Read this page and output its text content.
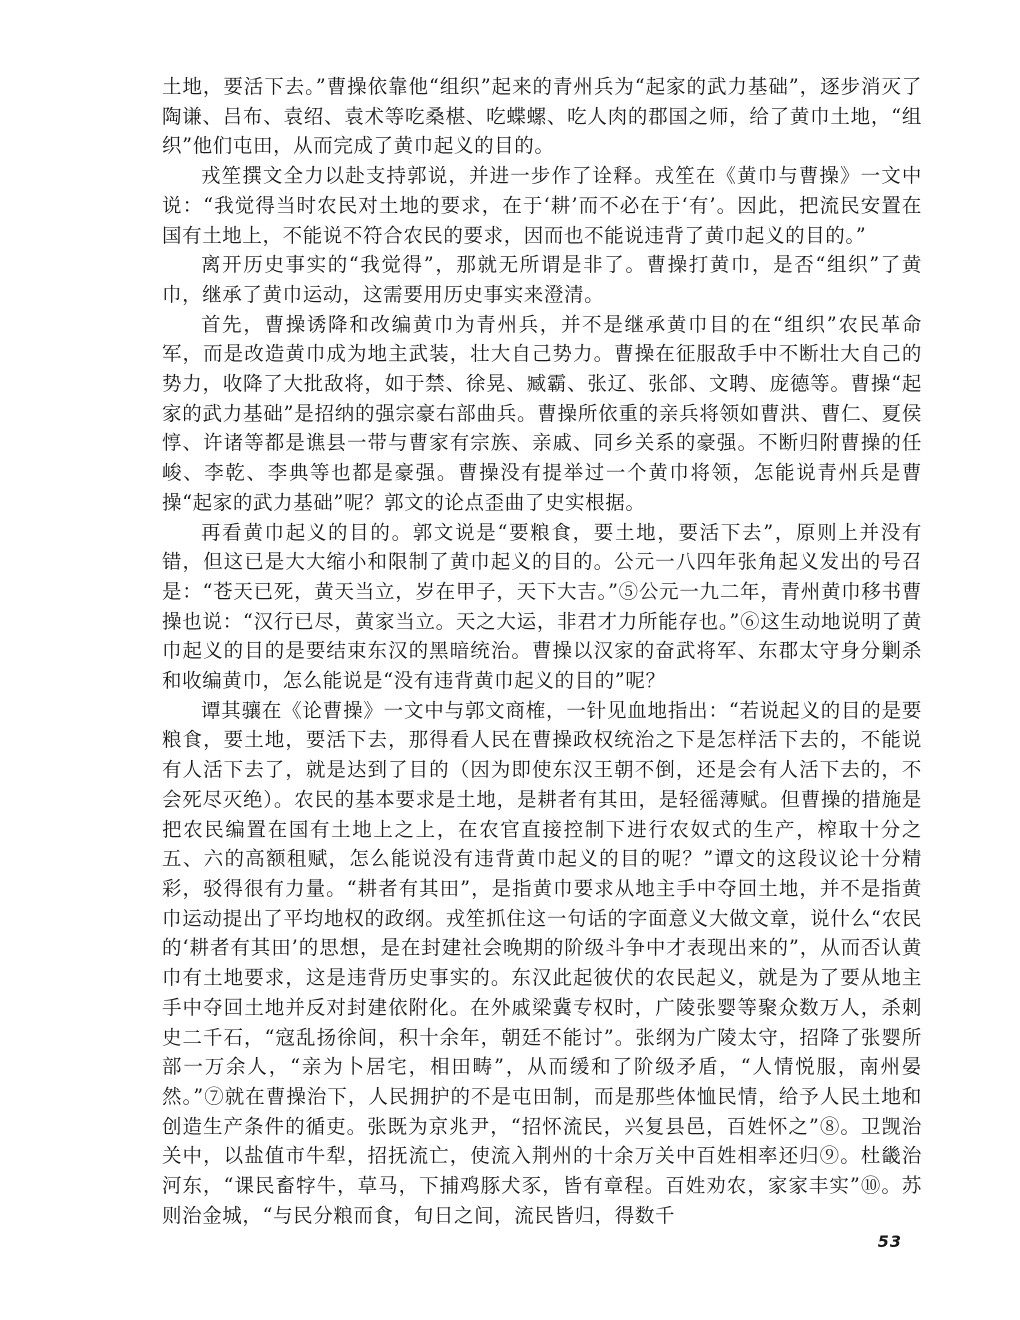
土地，要活下去。”曹操依靠他“组织”起来的青州兵为“起家的武力基础”，逐步消灭了陶谦、吕布、袁绍、袁术等吃桑椹、吃蝶螺、吃人肉的郡国之师，给了黄巾土地，“组织”他们屯田，从而完成了黄巾起义的目的。

戎笙撰文全力以赴支持郭说，并进一步作了诠释。戎笙在《黄巾与曹操》一文中说：“我觉得当时农民对土地的要求，在于‘耕’而不必在于‘有’。因此，把流民安置在国有土地上，不能说不符合农民的要求，因而也不能说违背了黄巾起义的目的。”

离开历史事实的“我觉得”，那就无所谓是非了。曹操打黄巾，是否“组织”了黄巾，继承了黄巾运动，这需要用历史事实来澄清。

首先，曹操诱降和改编黄巾为青州兵，并不是继承黄巾目的在“组织”农民革命军，而是改造黄巾成为地主武装，壮大自己势力。曹操在征服敌手中不断壮大自己的势力，收降了大批敌将，如于禁、徐晃、臧霸、张辽、张郃、文聘、庞德等。曹操“起家的武力基础”是招纳的强宗豪右部曲兵。曹操所依重的亲兵将领如曹洪、曹仁、夏侯惇、许诸等都是谯县一带与曹家有宗族、亲戚、同乡关系的豪强。不断归附曹操的任峻、李乾、李典等也都是豪强。曹操没有提举过一个黄巾将领，怎能说青州兵是曹操“起家的武力基础”呢？郭文的论点歪曲了史实根据。

再看黄巾起义的目的。郭文说是“要粮食，要土地，要活下去”，原则上并没有错，但这已是大大缩小和限制了黄巾起义的目的。公元一八四年张角起义发出的号召是：“苍天已死，黄天当立，岁在甲子，天下大吉。”⑤公元一九二年，青州黄巾移书曹操也说：“汉行已尽，黄家当立。天之大运，非君才力所能存也。”⑥这生动地说明了黄巾起义的目的是要结束东汉的黑暗统治。曹操以汉家的奋武将军、东郡太守身分剿杀和收编黄巾，怎么能说是“没有违背黄巾起义的目的”呢？

谭其骧在《论曹操》一文中与郭文商榷，一针见血地指出：“若说起义的目的是要粮食，要土地，要活下去，那得看人民在曹操政权统治之下是怎样活下去的，不能说有人活下去了，就是达到了目的（因为即使东汉王朝不倒，还是会有人活下去的，不会死尽灭绝）。农民的基本要求是土地，是耕者有其田，是轻徭薄赋。但曹操的措施是把农民编置在国有土地上之上，在农官直接控制下进行农奴式的生产，榨取十分之五、六的高额租赋，怎么能说没有违背黄巾起义的目的呢？”谭文的这段议论十分精彩，驳得很有力量。“耕者有其田”，是指黄巾要求从地主手中夺回土地，并不是指黄巾运动提出了平均地权的政纲。戎笙抓住这一句话的字面意义大做文章，说什么“农民的‘耕者有其田’的思想，是在封建社会晚期的阶级斗争中才表现出来的”，从而否认黄巾有土地要求，这是违背历史事实的。东汉此起彼伏的农民起义，就是为了要从地主手中夺回土地并反对封建依附化。在外戚梁冀专权时，广陵张婴等聚众数万人，杀刺史二千石，“寇乱扬徐间，积十余年，朝廷不能讨”。张纲为广陵太守，招降了张婴所部一万余人，“亲为卜居宅，相田畴”，从而缓和了阶级矛盾，“人情悦服，南州晏然。”⑦就在曹操治下，人民拥护的不是屯田制，而是那些体恤民情，给予人民土地和创造生产条件的循吏。张既为京兆尹，“招怀流民，兴复县邑，百姓怀之”⑧。卫觊治关中，以盐值市牛犁，招抚流亡，使流入荆州的十余万关中百姓相率还归⑨。杜畿治河东，“课民畜牸牛，草马，下捕鸡豚犬豕，皆有章程。百姓劝农，家家丰实”⑩。苏则治金城，“与民分粮而食，旬日之间，流民皆归，得数千

53
